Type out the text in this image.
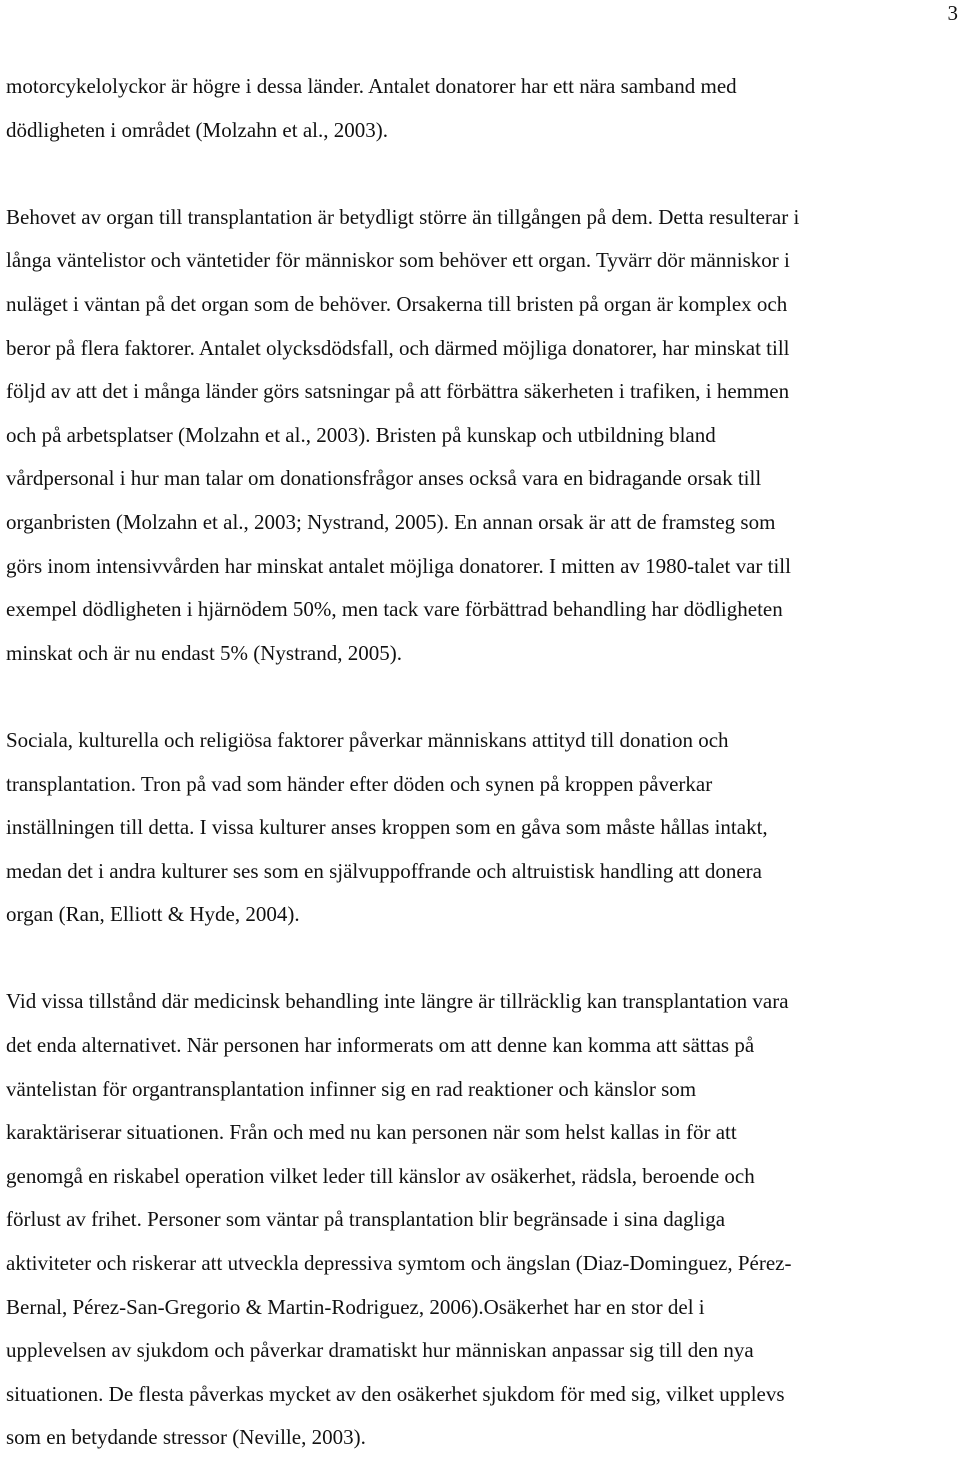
3

motorcykelolyckor är högre i dessa länder. Antalet donatorer har ett nära samband med
dödligheten i området (Molzahn et al., 2003).

Behovet av organ till transplantation är betydligt större än tillgången på dem. Detta resulterar i
långa väntelistor och väntetider för människor som behöver ett organ. Tyvärr dör människor i
nuläget i väntan på det organ som de behöver. Orsakerna till bristen på organ är komplex och
beror på flera faktorer. Antalet olycksdödsfall, och därmed möjliga donatorer, har minskat till
följd av att det i många länder görs satsningar på att förbättra säkerheten i trafiken, i hemmen
och på arbetsplatser (Molzahn et al., 2003). Bristen på kunskap och utbildning bland
vårdpersonal i hur man talar om donationsfrågor anses också vara en bidragande orsak till
organbristen (Molzahn et al., 2003; Nystrand, 2005). En annan orsak är att de framsteg som
görs inom intensivvården har minskat antalet möjliga donatorer. I mitten av 1980-talet var till
exempel dödligheten i hjärnödem 50%, men tack vare förbättrad behandling har dödligheten
minskat och är nu endast 5% (Nystrand, 2005).

Sociala, kulturella och religiösa faktorer påverkar människans attityd till donation och
transplantation. Tron på vad som händer efter döden och synen på kroppen påverkar
inställningen till detta. I vissa kulturer anses kroppen som en gåva som måste hållas intakt,
medan det i andra kulturer ses som en självuppoffrande och altruistisk handling att donera
organ (Ran, Elliott & Hyde, 2004).

Vid vissa tillstånd där medicinsk behandling inte längre är tillräcklig kan transplantation vara
det enda alternativet. När personen har informerats om att denne kan komma att sättas på
väntelistan för organtransplantation infinner sig en rad reaktioner och känslor som
karaktäriserar situationen. Från och med nu kan personen när som helst kallas in för att
genomgå en riskabel operation vilket leder till känslor av osäkerhet, rädsla, beroende och
förlust av frihet. Personer som väntar på transplantation blir begränsade i sina dagliga
aktiviteter och riskerar att utveckla depressiva symtom och ängslan (Diaz-Dominguez, Pérez-
Bernal, Pérez-San-Gregorio & Martin-Rodriguez, 2006).Osäkerhet har en stor del i
upplevelsen av sjukdom och påverkar dramatiskt hur människan anpassar sig till den nya
situationen. De flesta påverkas mycket av den osäkerhet sjukdom för med sig, vilket upplevs
som en betydande stressor (Neville, 2003).
